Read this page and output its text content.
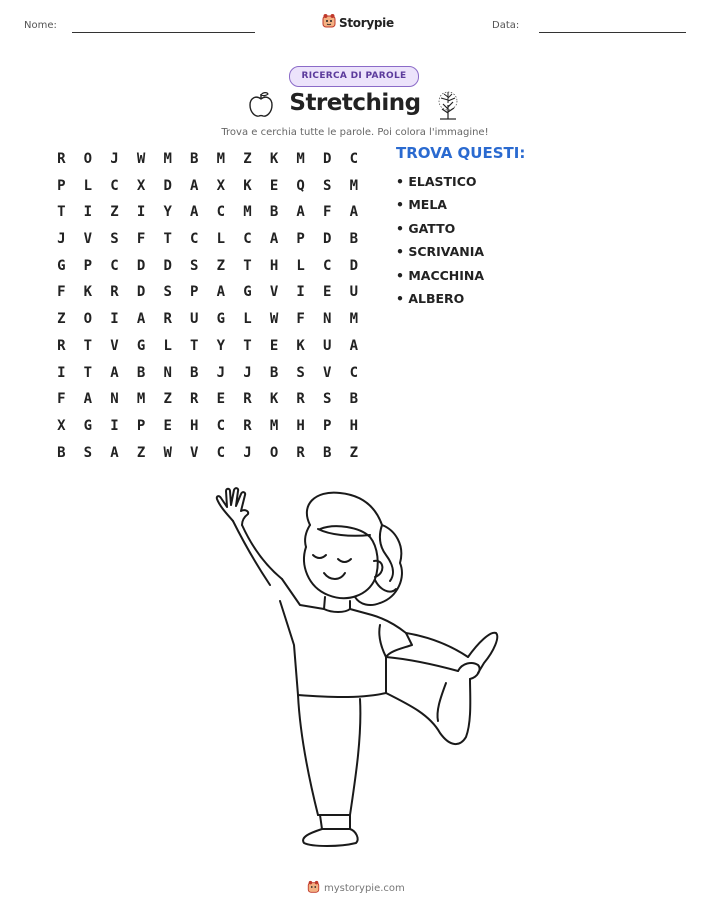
Nome:	Storypie	Data:
RICERCA DI PAROLE
Stretching
Trova e cerchia tutte le parole. Poi colora l'immagine!
R	O	J	W	M	B	M	Z	K	M	D	C
P	L	C	X	D	A	X	K	E	Q	S	M
T	I	Z	I	Y	A	C	M	B	A	F	A
J	V	S	F	T	C	L	C	A	P	D	B
G	P	C	D	D	S	Z	T	H	L	C	D
F	K	R	D	S	P	A	G	V	I	E	U
Z	O	I	A	R	U	G	L	W	F	N	M
R	T	V	G	L	T	Y	T	E	K	U	A
I	T	A	B	N	B	J	J	B	S	V	C
F	A	N	M	Z	R	E	R	K	R	S	B
X	G	I	P	E	H	C	R	M	H	P	H
B	S	A	Z	W	V	C	J	O	R	B	Z
TROVA QUESTI:
• ELASTICO
• MELA
• GATTO
• SCRIVANIA
• MACCHINA
• ALBERO
mystorypie.com
